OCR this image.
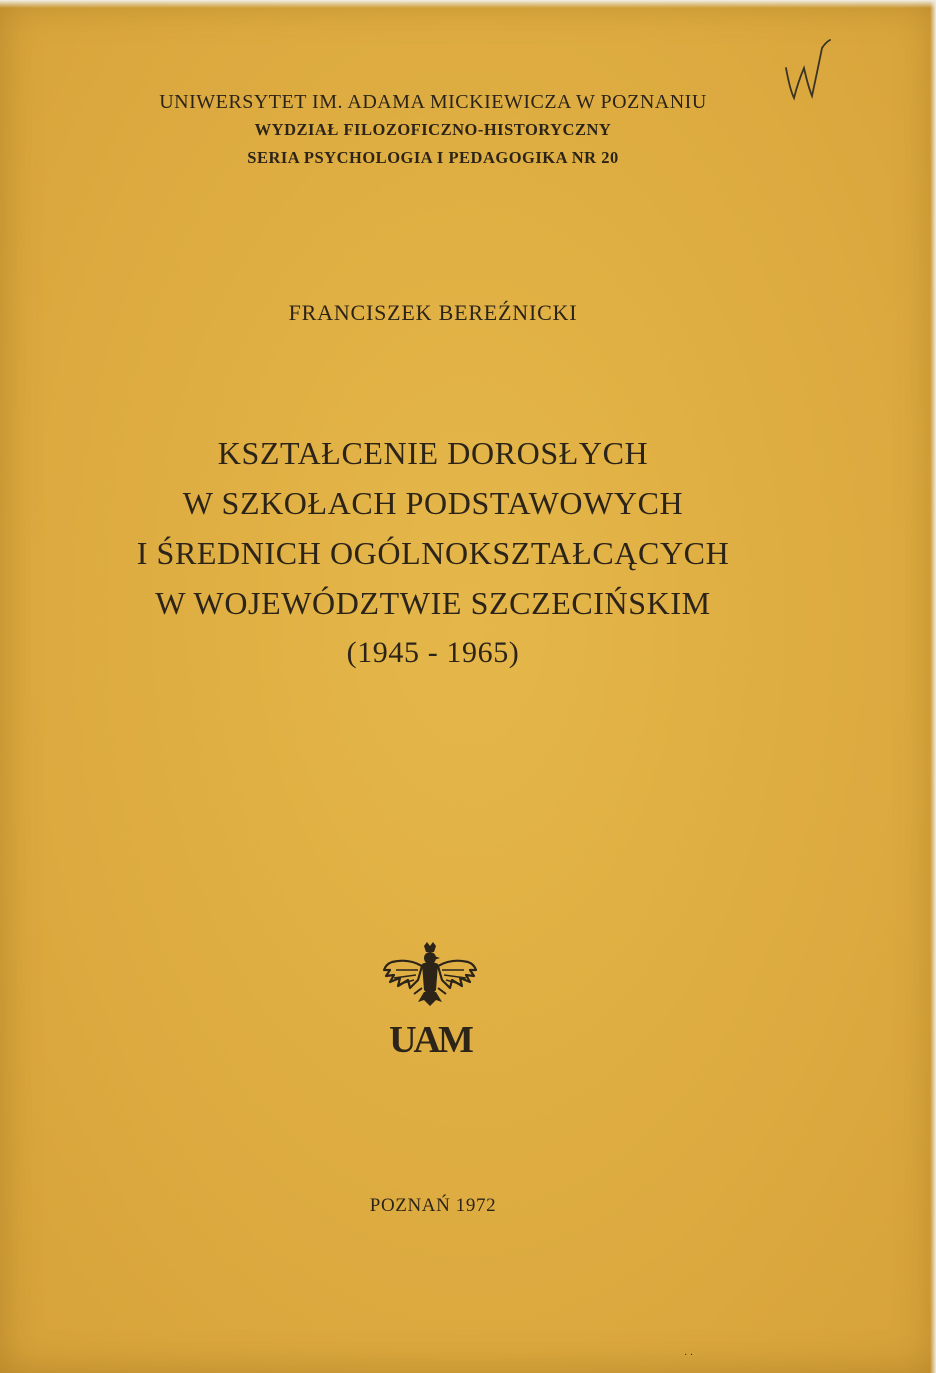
UNIWERSYTET IM. ADAMA MICKIEWICZA W POZNANIU
WYDZIAŁ FILOZOFICZNO-HISTORYCZNY
SERIA PSYCHOLOGIA I PEDAGOGIKA NR 20
FRANCISZEK BEREŹNICKI
KSZTAŁCENIE DOROSŁYCH
W SZKOŁACH PODSTAWOWYCH
I ŚREDNICH OGÓLNOKSZTAŁCĄCYCH
W WOJEWÓDZTWIE SZCZECIŃSKIM
(1945 - 1965)
UAM
POZNAŃ 1972
· ·
